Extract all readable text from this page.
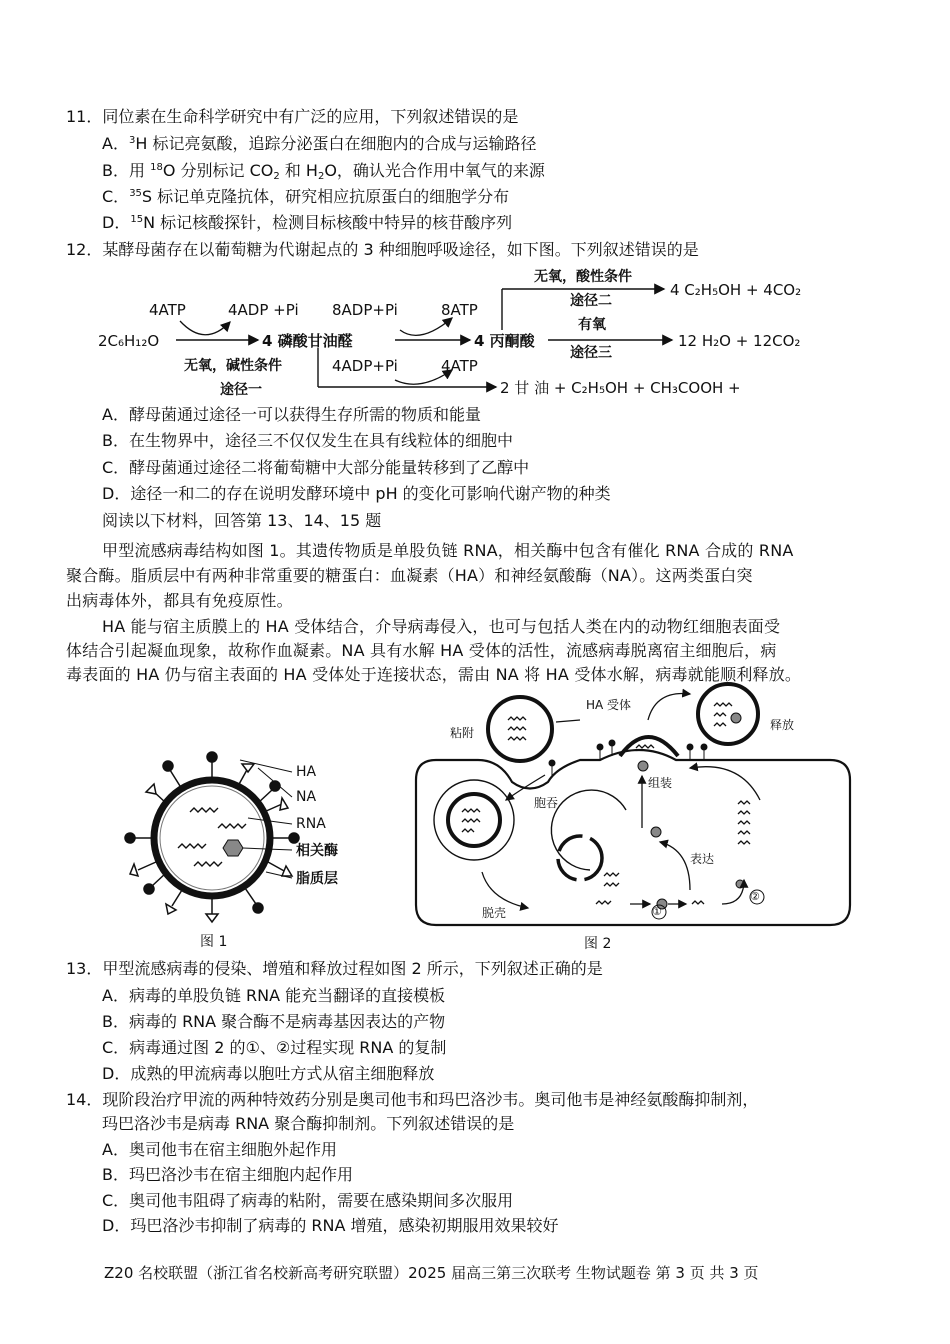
11．同位素在生命科学研究中有广泛的应用，下列叙述错误的是
A．$^3$H 标记亮氨酸，追踪分泌蛋白在细胞内的合成与运输路径
B．用 $^{18}$O 分别标记 $CO_2$ 和 $H_2O$，确认光合作用中氧气的来源
C．$^{35}$S 标记单克隆抗体，研究相应抗原蛋白的细胞学分布
D．$^{15}$N 标记核酸探针，检测目标核酸中特异的核苷酸序列
12．某酵母菌存在以葡萄糖为代谢起点的 3 种细胞呼吸途径，如下图。下列叙述错误的是
4ATP	4ADP +Pi 8ADP+Pi	8ATP
2C₆H₁₂O	4 磷酸甘油醛	4 丙酮酸
无氧，碱性条件
途径一
4ADP+Pi	4ATP
无氧，酸性条件
途径二
有氧
途径三
4 C₂H₅OH + 4CO₂
12 H₂O + 12CO₂
2 甘 油 + C₂H₅OH + CH₃COOH +
A．酵母菌通过途径一可以获得生存所需的物质和能量
B．在生物界中，途径三不仅仅发生在具有线粒体的细胞中
C．酵母菌通过途径二将葡萄糖中大部分能量转移到了乙醇中
D．途径一和二的存在说明发酵环境中 pH 的变化可影响代谢产物的种类
阅读以下材料，回答第 13、14、15 题
甲型流感病毒结构如图 1。其遗传物质是单股负链 RNA，相关酶中包含有催化 RNA 合成的 RNA
聚合酶。脂质层中有两种非常重要的糖蛋白：血凝素（HA）和神经氨酸酶（NA）。这两类蛋白突
出病毒体外，都具有免疫原性。
HA 能与宿主质膜上的 HA 受体结合，介导病毒侵入，也可与包括人类在内的动物红细胞表面受
体结合引起凝血现象，故称作血凝素。NA 具有水解 HA 受体的活性，流感病毒脱离宿主细胞后，病
毒表面的 HA 仍与宿主表面的 HA 受体处于连接状态，需由 NA 将 HA 受体水解，病毒就能顺利释放。
HA
NA
RNA
相关酶
脂质层
图 1
粘附
HA 受体
释放
组装
胞吞
表达
脱壳	①
②
图 2
13．甲型流感病毒的侵染、增殖和释放过程如图 2 所示，下列叙述正确的是
A．病毒的单股负链 RNA 能充当翻译的直接模板
B．病毒的 RNA 聚合酶不是病毒基因表达的产物
C．病毒通过图 2 的①、②过程实现 RNA 的复制
D．成熟的甲流病毒以胞吐方式从宿主细胞释放
14．现阶段治疗甲流的两种特效药分别是奥司他韦和玛巴洛沙韦。奥司他韦是神经氨酸酶抑制剂，
玛巴洛沙韦是病毒 RNA 聚合酶抑制剂。下列叙述错误的是
A．奥司他韦在宿主细胞外起作用
B．玛巴洛沙韦在宿主细胞内起作用
C．奥司他韦阻碍了病毒的粘附，需要在感染期间多次服用
D．玛巴洛沙韦抑制了病毒的 RNA 增殖，感染初期服用效果较好
Z20 名校联盟（浙江省名校新高考研究联盟）2025 届高三第三次联考 生物试题卷 第 3 页 共 3 页
